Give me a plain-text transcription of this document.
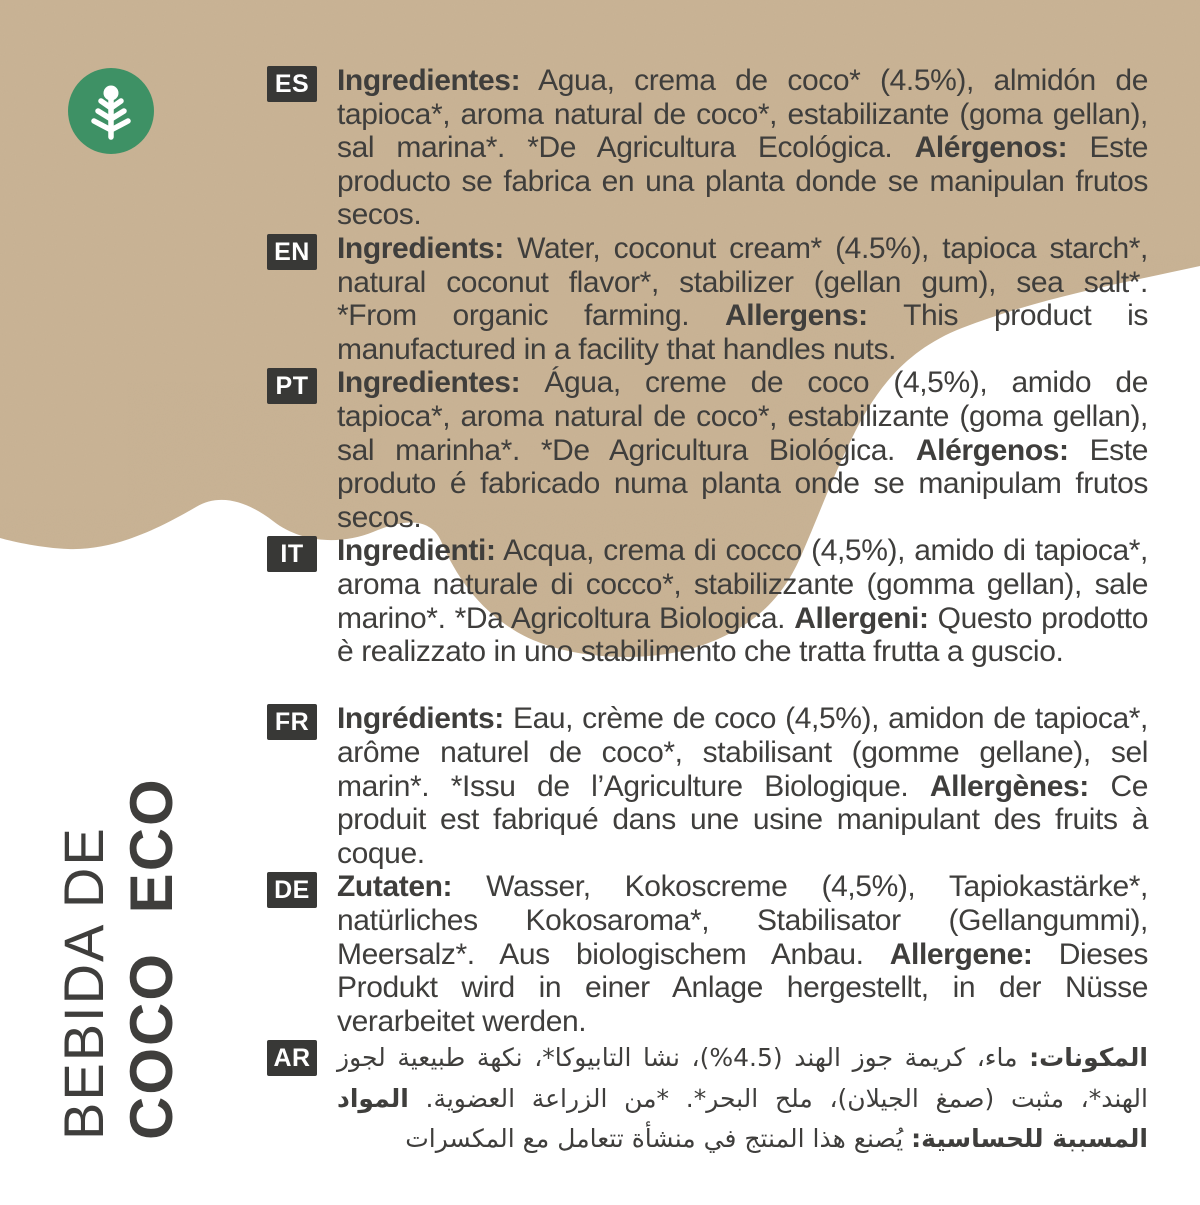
ES Ingredientes: Agua, crema de coco* (4.5%), almidón de tapioca*, aroma natural de coco*, estabilizante (goma gellan), sal marina*. *De Agricultura Ecológica. Alérgenos: Este producto se fabrica en una planta donde se manipulan frutos secos.

EN Ingredients: Water, coconut cream* (4.5%), tapioca starch*, natural coconut flavor*, stabilizer (gellan gum), sea salt*. *From organic farming. Allergens: This product is manufactured in a facility that handles nuts.

PT Ingredientes: Água, creme de coco (4,5%), amido de tapioca*, aroma natural de coco*, estabilizante (goma gellan), sal marinha*. *De Agricultura Biológica. Alérgenos: Este produto é fabricado numa planta onde se manipulam frutos secos.

IT	Ingredienti: Acqua, crema di cocco (4,5%), amido di tapioca*, aroma naturale di cocco*, stabilizzante (gomma gellan), sale marino*. *Da Agricoltura Biologica. Allergeni: Questo prodotto è realizzato in uno stabilimento che tratta frutta a guscio.

FR Ingrédients: Eau, crème de coco (4,5%), amidon de tapioca*, arôme naturel de coco*, stabilisant (gomme gellane), sel marin*. *Issu de l’Agriculture Biologique. Allergènes: Ce produit est fabriqué dans une usine manipulant des fruits à coque.

DE Zutaten: Wasser, Kokoscreme (4,5%), Tapiokastärke*, natürliches Kokosaroma*, Stabilisator (Gellangummi), Meersalz*. Aus biologischem Anbau. Allergene: Dieses Produkt wird in einer Anlage hergestellt, in der Nüsse verarbeitet werden.

AR	المكونات: ماء، كريمة جوز الهند (4.5%)، نشا التابيوكا*، نكهة طبيعية لجوز الهند*، مثبت (صمغ الجيلان)، ملح البحر*. *من الزراعة العضوية. المواد المسببة للحساسية: يُصنع هذا المنتج في منشأة تتعامل مع المكسرات

BEBIDA DE COCO ECO
